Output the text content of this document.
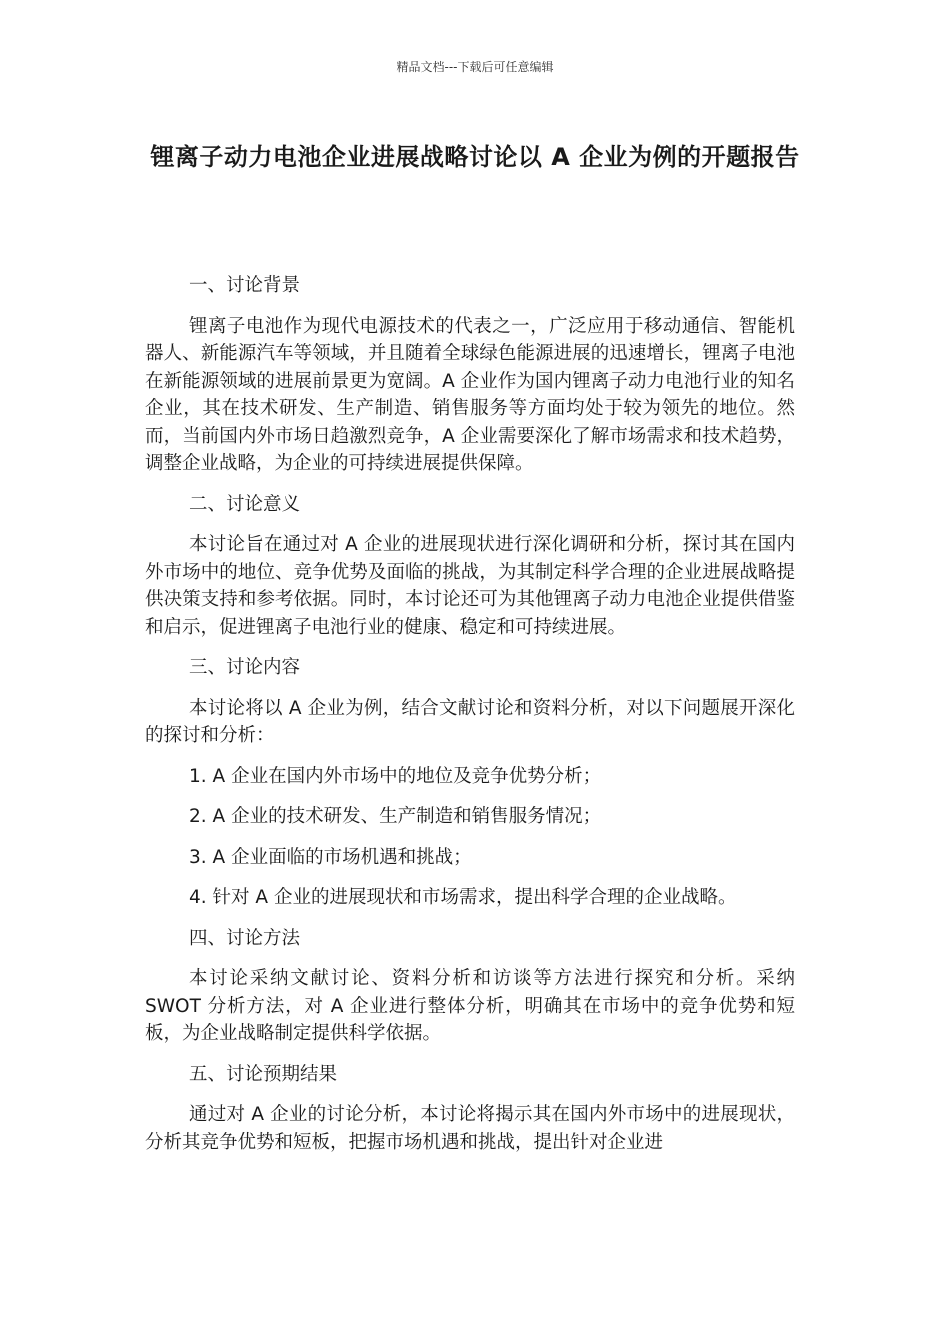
精品文档---下载后可任意编辑
锂离子动力电池企业进展战略讨论以 A 企业为例的开题报告

一、讨论背景

锂离子电池作为现代电源技术的代表之一，广泛应用于移动通信、智能机器人、新能源汽车等领域，并且随着全球绿色能源进展的迅速增长，锂离子电池在新能源领域的进展前景更为宽阔。A 企业作为国内锂离子动力电池行业的知名企业，其在技术研发、生产制造、销售服务等方面均处于较为领先的地位。然而，当前国内外市场日趋激烈竞争，A 企业需要深化了解市场需求和技术趋势，调整企业战略，为企业的可持续进展提供保障。

二、讨论意义

本讨论旨在通过对 A 企业的进展现状进行深化调研和分析，探讨其在国内外市场中的地位、竞争优势及面临的挑战，为其制定科学合理的企业进展战略提供决策支持和参考依据。同时，本讨论还可为其他锂离子动力电池企业提供借鉴和启示，促进锂离子电池行业的健康、稳定和可持续进展。

三、讨论内容

本讨论将以 A 企业为例，结合文献讨论和资料分析，对以下问题展开深化的探讨和分析：

1. A 企业在国内外市场中的地位及竞争优势分析；

2. A 企业的技术研发、生产制造和销售服务情况；

3. A 企业面临的市场机遇和挑战；

4. 针对 A 企业的进展现状和市场需求，提出科学合理的企业战略。

四、讨论方法

本讨论采纳文献讨论、资料分析和访谈等方法进行探究和分析。采纳 SWOT 分析方法，对 A 企业进行整体分析，明确其在市场中的竞争优势和短板，为企业战略制定提供科学依据。

五、讨论预期结果

通过对 A 企业的讨论分析，本讨论将揭示其在国内外市场中的进展现状，分析其竞争优势和短板，把握市场机遇和挑战，提出针对企业进
